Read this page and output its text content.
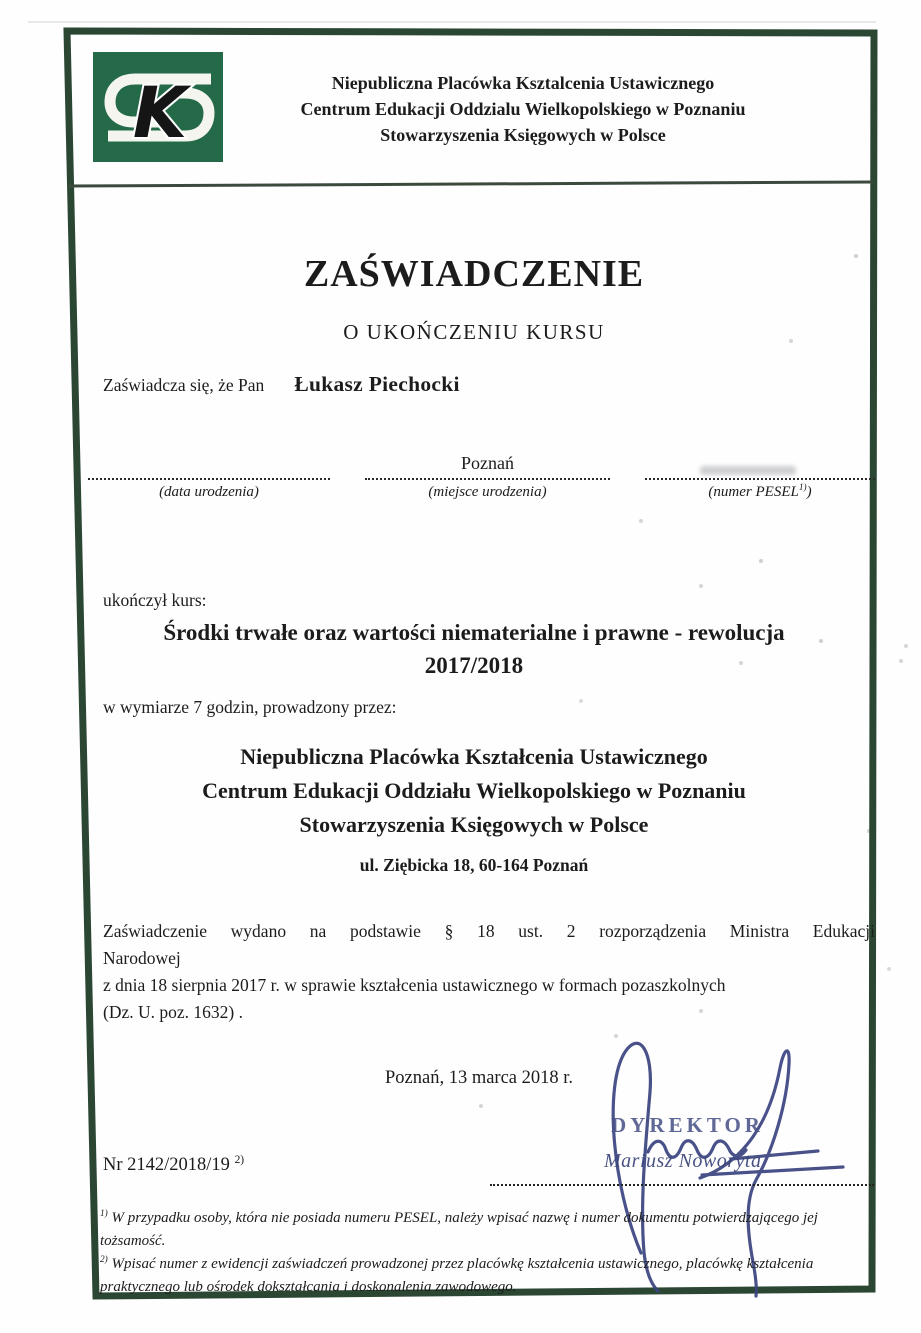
K	Niepubliczna Placówka Ksztalcenia Ustawicznego
Centrum Edukacji Oddzialu Wielkopolskiego w Poznaniu
Stowarzyszenia Księgowych w Polsce
ZAŚWIADCZENIE
O UKOŃCZENIU KURSU
Zaświadcza się, że Pan Łukasz Piechocki
(data urodzenia)
Poznań
(miejsce urodzenia)	(numer PESEL$^{1)}$)
ukończył kurs:
Środki trwałe oraz wartości niematerialne i prawne - rewolucja
2017/2018
w wymiarze 7 godzin, prowadzony przez:
Niepubliczna Placówka Kształcenia Ustawicznego
Centrum Edukacji Oddziału Wielkopolskiego w Poznaniu
Stowarzyszenia Księgowych w Polsce
ul. Ziębicka 18, 60-164 Poznań
Zaświadczenie wydano na podstawie § 18 ust. 2 rozporządzenia Ministra Edukacji
Narodowej
z dnia 18 sierpnia 2017 r. w sprawie kształcenia ustawicznego w formach pozaszkolnych
(Dz. U. poz. 1632) .
Poznań, 13 marca 2018 r.
DYREKTOR
Mariusz Noworyta
Nr 2142/2018/19 $^{2)}$

$^{1)}$ W przypadku osoby, która nie posiada numeru PESEL, należy wpisać nazwę i numer dokumentu potwierdzającego jej tożsamość.

$^{2)}$ Wpisać numer z ewidencji zaświadczeń prowadzonej przez placówkę kształcenia ustawicznego, placówkę kształcenia praktycznego lub ośrodek dokształcania i doskonalenia zawodowego.
